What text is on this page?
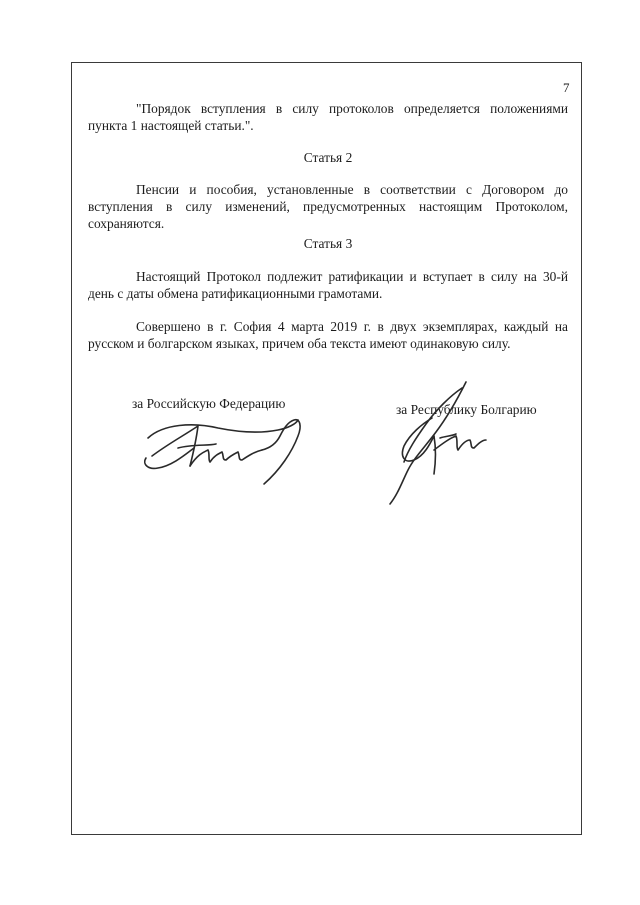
7

"Порядок вступления в силу протоколов определяется положениями пункта 1 настоящей статьи.".

Статья 2

Пенсии и пособия, установленные в соответствии с Договором до вступления в силу изменений, предусмотренных настоящим Протоколом, сохраняются.

Статья 3

Настоящий Протокол подлежит ратификации и вступает в силу на 30-й день с даты обмена ратификационными грамотами.

Совершено в г. София 4 марта 2019 г. в двух экземплярах, каждый на русском и болгарском языках, причем оба текста имеют одинаковую силу.

за Российскую Федерацию	за Республику Болгарию
